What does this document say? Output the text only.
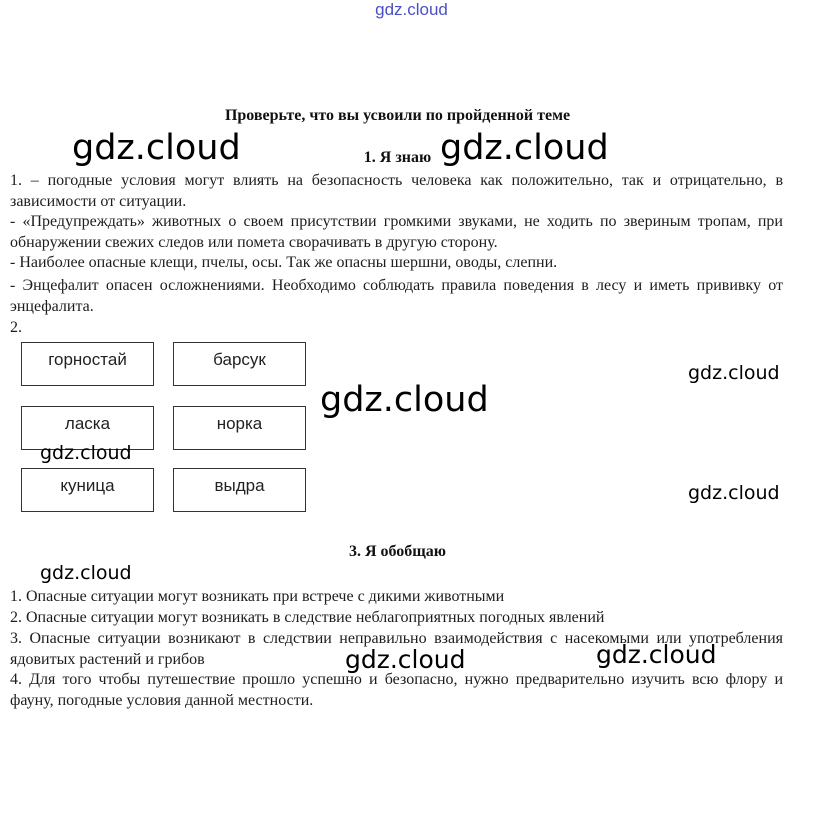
gdz.cloud
Проверьте, что вы усвоили по пройденной теме
1. Я знаю
1. – погодные условия могут влиять на безопасность человека как положительно, так и отрицательно, в зависимости от ситуации.
- «Предупреждать» животных о своем присутствии громкими звуками, не ходить по звериным тропам, при обнаружении свежих следов или помета сворачивать в другую сторону.
- Наиболее опасные клещи, пчелы, осы. Так же опасны шершни, оводы, слепни.
- Энцефалит опасен осложнениями. Необходимо соблюдать правила поведения в лесу и иметь прививку от энцефалита.
2.
горностай	барсук
ласка	норка
куница	выдра
3. Я обобщаю
1. Опасные ситуации могут возникать при встрече с дикими животными
2. Опасные ситуации могут возникать в следствие неблагоприятных погодных явлений
3. Опасные ситуации возникают в следствии неправильно взаимодействия с насекомыми или употребления ядовитых растений и грибов
4. Для того чтобы путешествие прошло успешно и безопасно, нужно предварительно изучить всю флору и фауну, погодные условия данной местности.
gdz.cloud	gdz.cloud
gdz.cloud
gdz.cloud
gdz.cloud
gdz.cloud
gdz.cloud
gdz.cloud	gdz.cloud
